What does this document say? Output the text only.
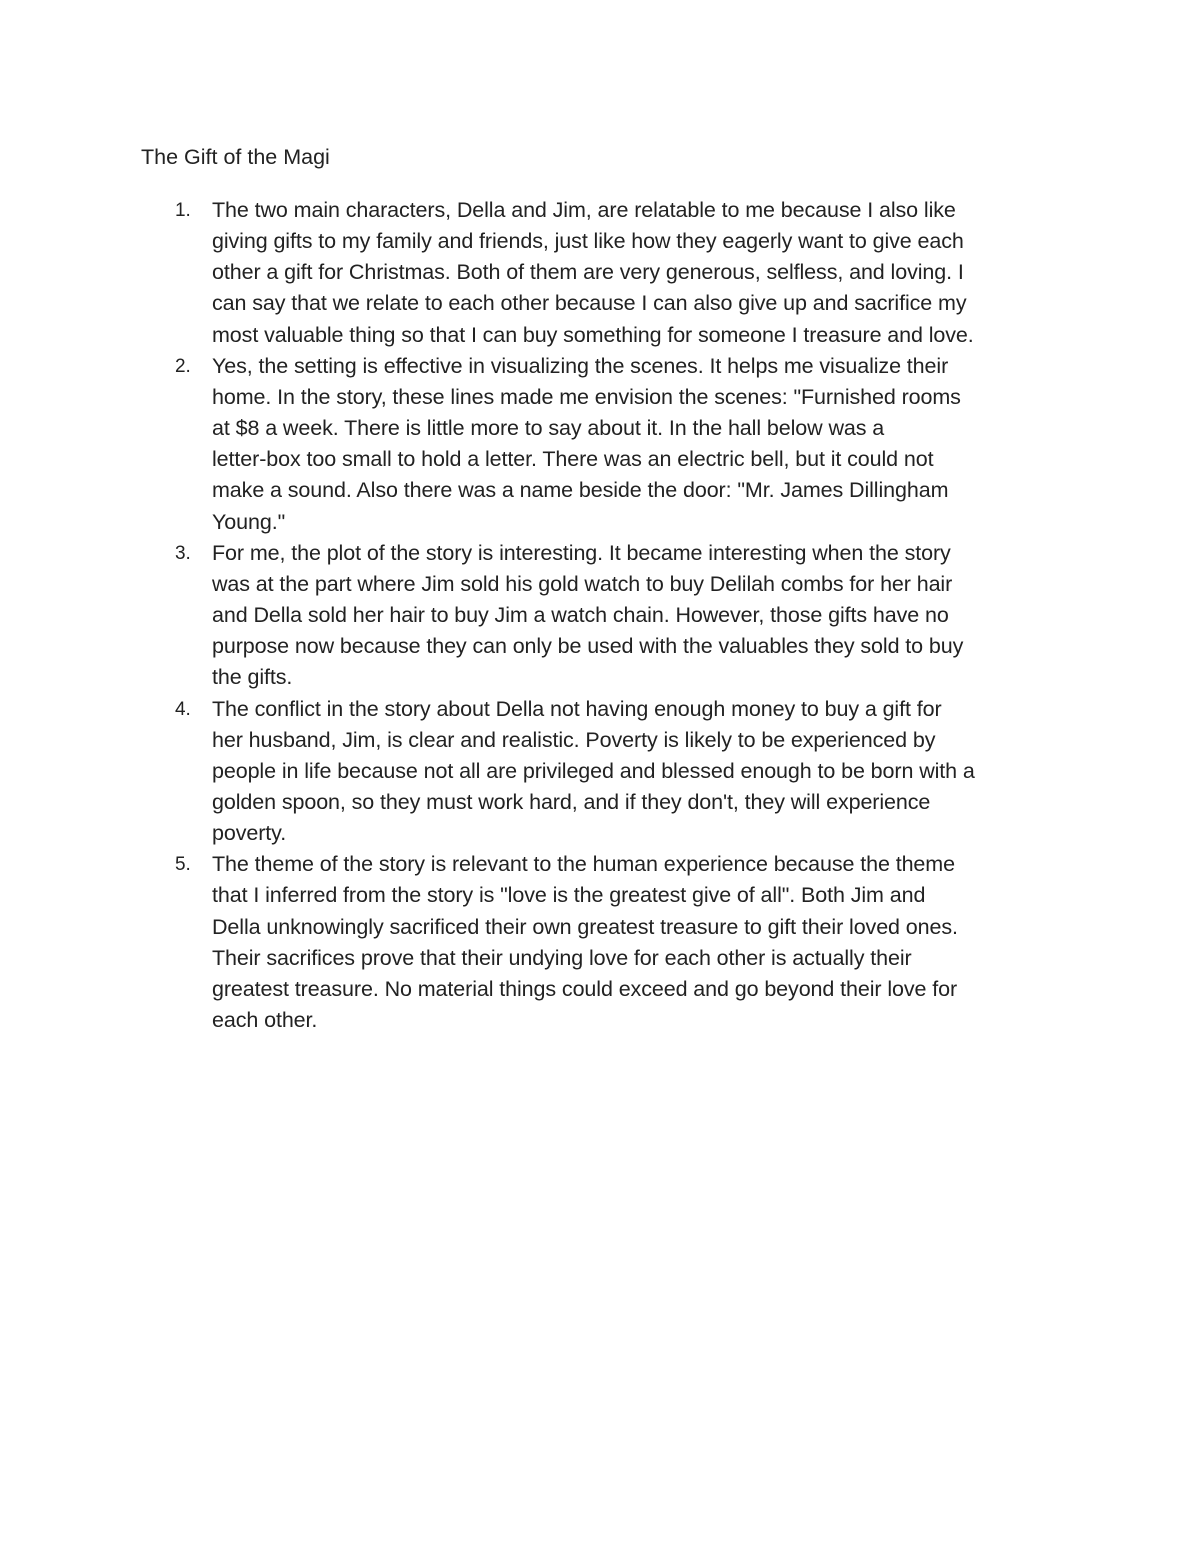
The Gift of the Magi
1. The two main characters, Della and Jim, are relatable to me because I also like
giving gifts to my family and friends, just like how they eagerly want to give each
other a gift for Christmas. Both of them are very generous, selfless, and loving. I
can say that we relate to each other because I can also give up and sacrifice my
most valuable thing so that I can buy something for someone I treasure and love.
2. Yes, the setting is effective in visualizing the scenes. It helps me visualize their
home. In the story, these lines made me envision the scenes: "Furnished rooms
at $8 a week. There is little more to say about it. In the hall below was a
letter-box too small to hold a letter. There was an electric bell, but it could not
make a sound. Also there was a name beside the door: "Mr. James Dillingham
Young."
3. For me, the plot of the story is interesting. It became interesting when the story
was at the part where Jim sold his gold watch to buy Delilah combs for her hair
and Della sold her hair to buy Jim a watch chain. However, those gifts have no
purpose now because they can only be used with the valuables they sold to buy
the gifts.
4. The conflict in the story about Della not having enough money to buy a gift for
her husband, Jim, is clear and realistic. Poverty is likely to be experienced by
people in life because not all are privileged and blessed enough to be born with a
golden spoon, so they must work hard, and if they don't, they will experience
poverty.
5. The theme of the story is relevant to the human experience because the theme
that I inferred from the story is "love is the greatest give of all". Both Jim and
Della unknowingly sacrificed their own greatest treasure to gift their loved ones.
Their sacrifices prove that their undying love for each other is actually their
greatest treasure. No material things could exceed and go beyond their love for
each other.
